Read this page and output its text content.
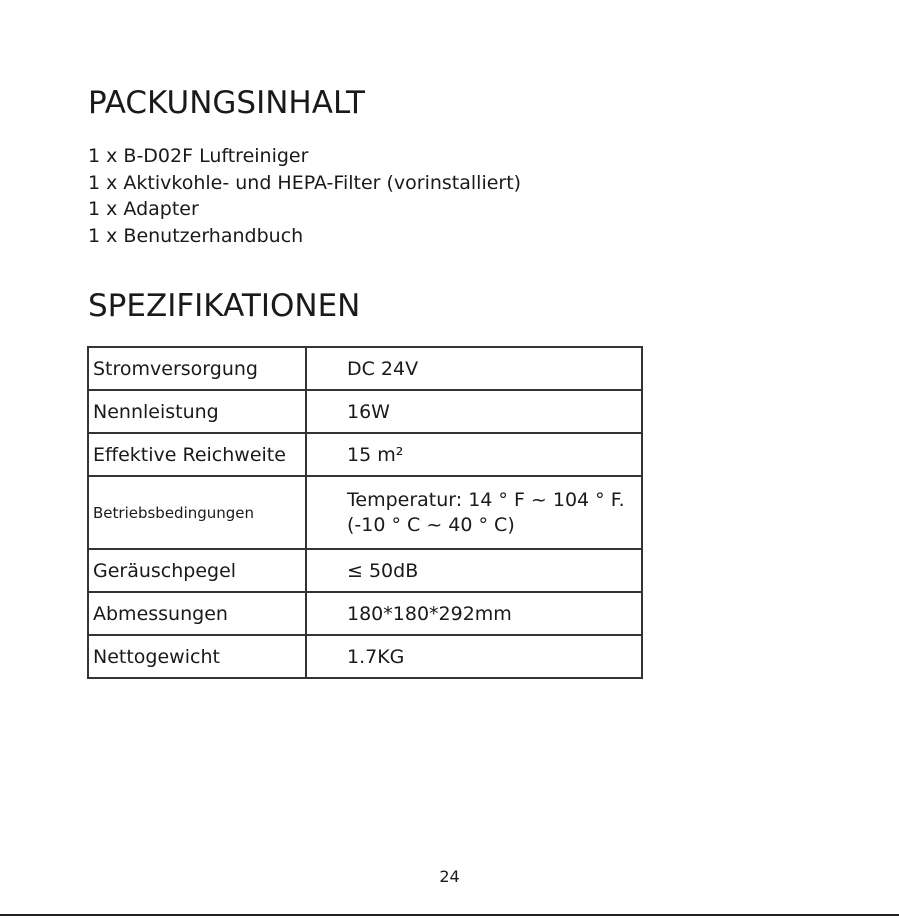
PACKUNGSINHALT
1 x B-D02F Luftreiniger
1 x Aktivkohle- und HEPA-Filter (vorinstalliert)
1 x Adapter
1 x Benutzerhandbuch
SPEZIFIKATIONEN
Stromversorgung	DC 24V
Nennleistung	16W
Effektive Reichweite	15 m²
Betriebsbedingungen	Temperatur: 14 ° F ~ 104 ° F.
(-10 ° C ~ 40 ° C)

Geräuschpegel	≤ 50dB
Abmessungen	180*180*292mm
Nettogewicht	1.7KG
24
